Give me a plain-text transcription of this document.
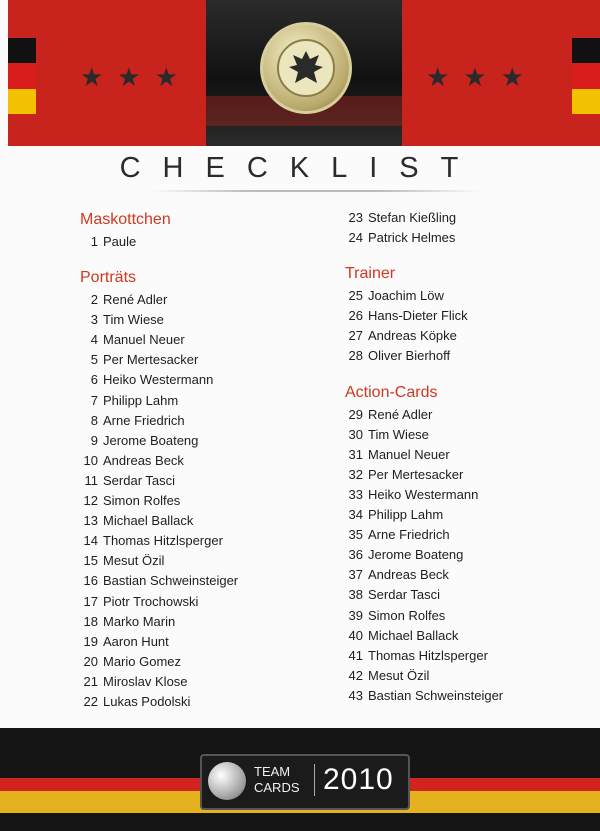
★★★	★★★
CHECKLIST
Maskottchen
1 Paule
Porträts
2 René Adler
3 Tim Wiese
4 Manuel Neuer
5 Per Mertesacker
6 Heiko Westermann
7 Philipp Lahm
8 Arne Friedrich
9 Jerome Boateng
10 Andreas Beck
11 Serdar Tasci
12 Simon Rolfes
13 Michael Ballack
14 Thomas Hitzlsperger
15 Mesut Özil
16 Bastian Schweinsteiger
17 Piotr Trochowski
18 Marko Marin
19 Aaron Hunt
20 Mario Gomez
21 Miroslav Klose
22 Lukas Podolski
23 Stefan Kießling
24 Patrick Helmes
Trainer
25 Joachim Löw
26 Hans-Dieter Flick
27 Andreas Köpke
28 Oliver Bierhoff
Action-Cards
29 René Adler
30 Tim Wiese
31 Manuel Neuer
32 Per Mertesacker
33 Heiko Westermann
34 Philipp Lahm
35 Arne Friedrich
36 Jerome Boateng
37 Andreas Beck
38 Serdar Tasci
39 Simon Rolfes
40 Michael Ballack
41 Thomas Hitzlsperger
42 Mesut Özil
43 Bastian Schweinsteiger
TEAM
CARDS 2010
